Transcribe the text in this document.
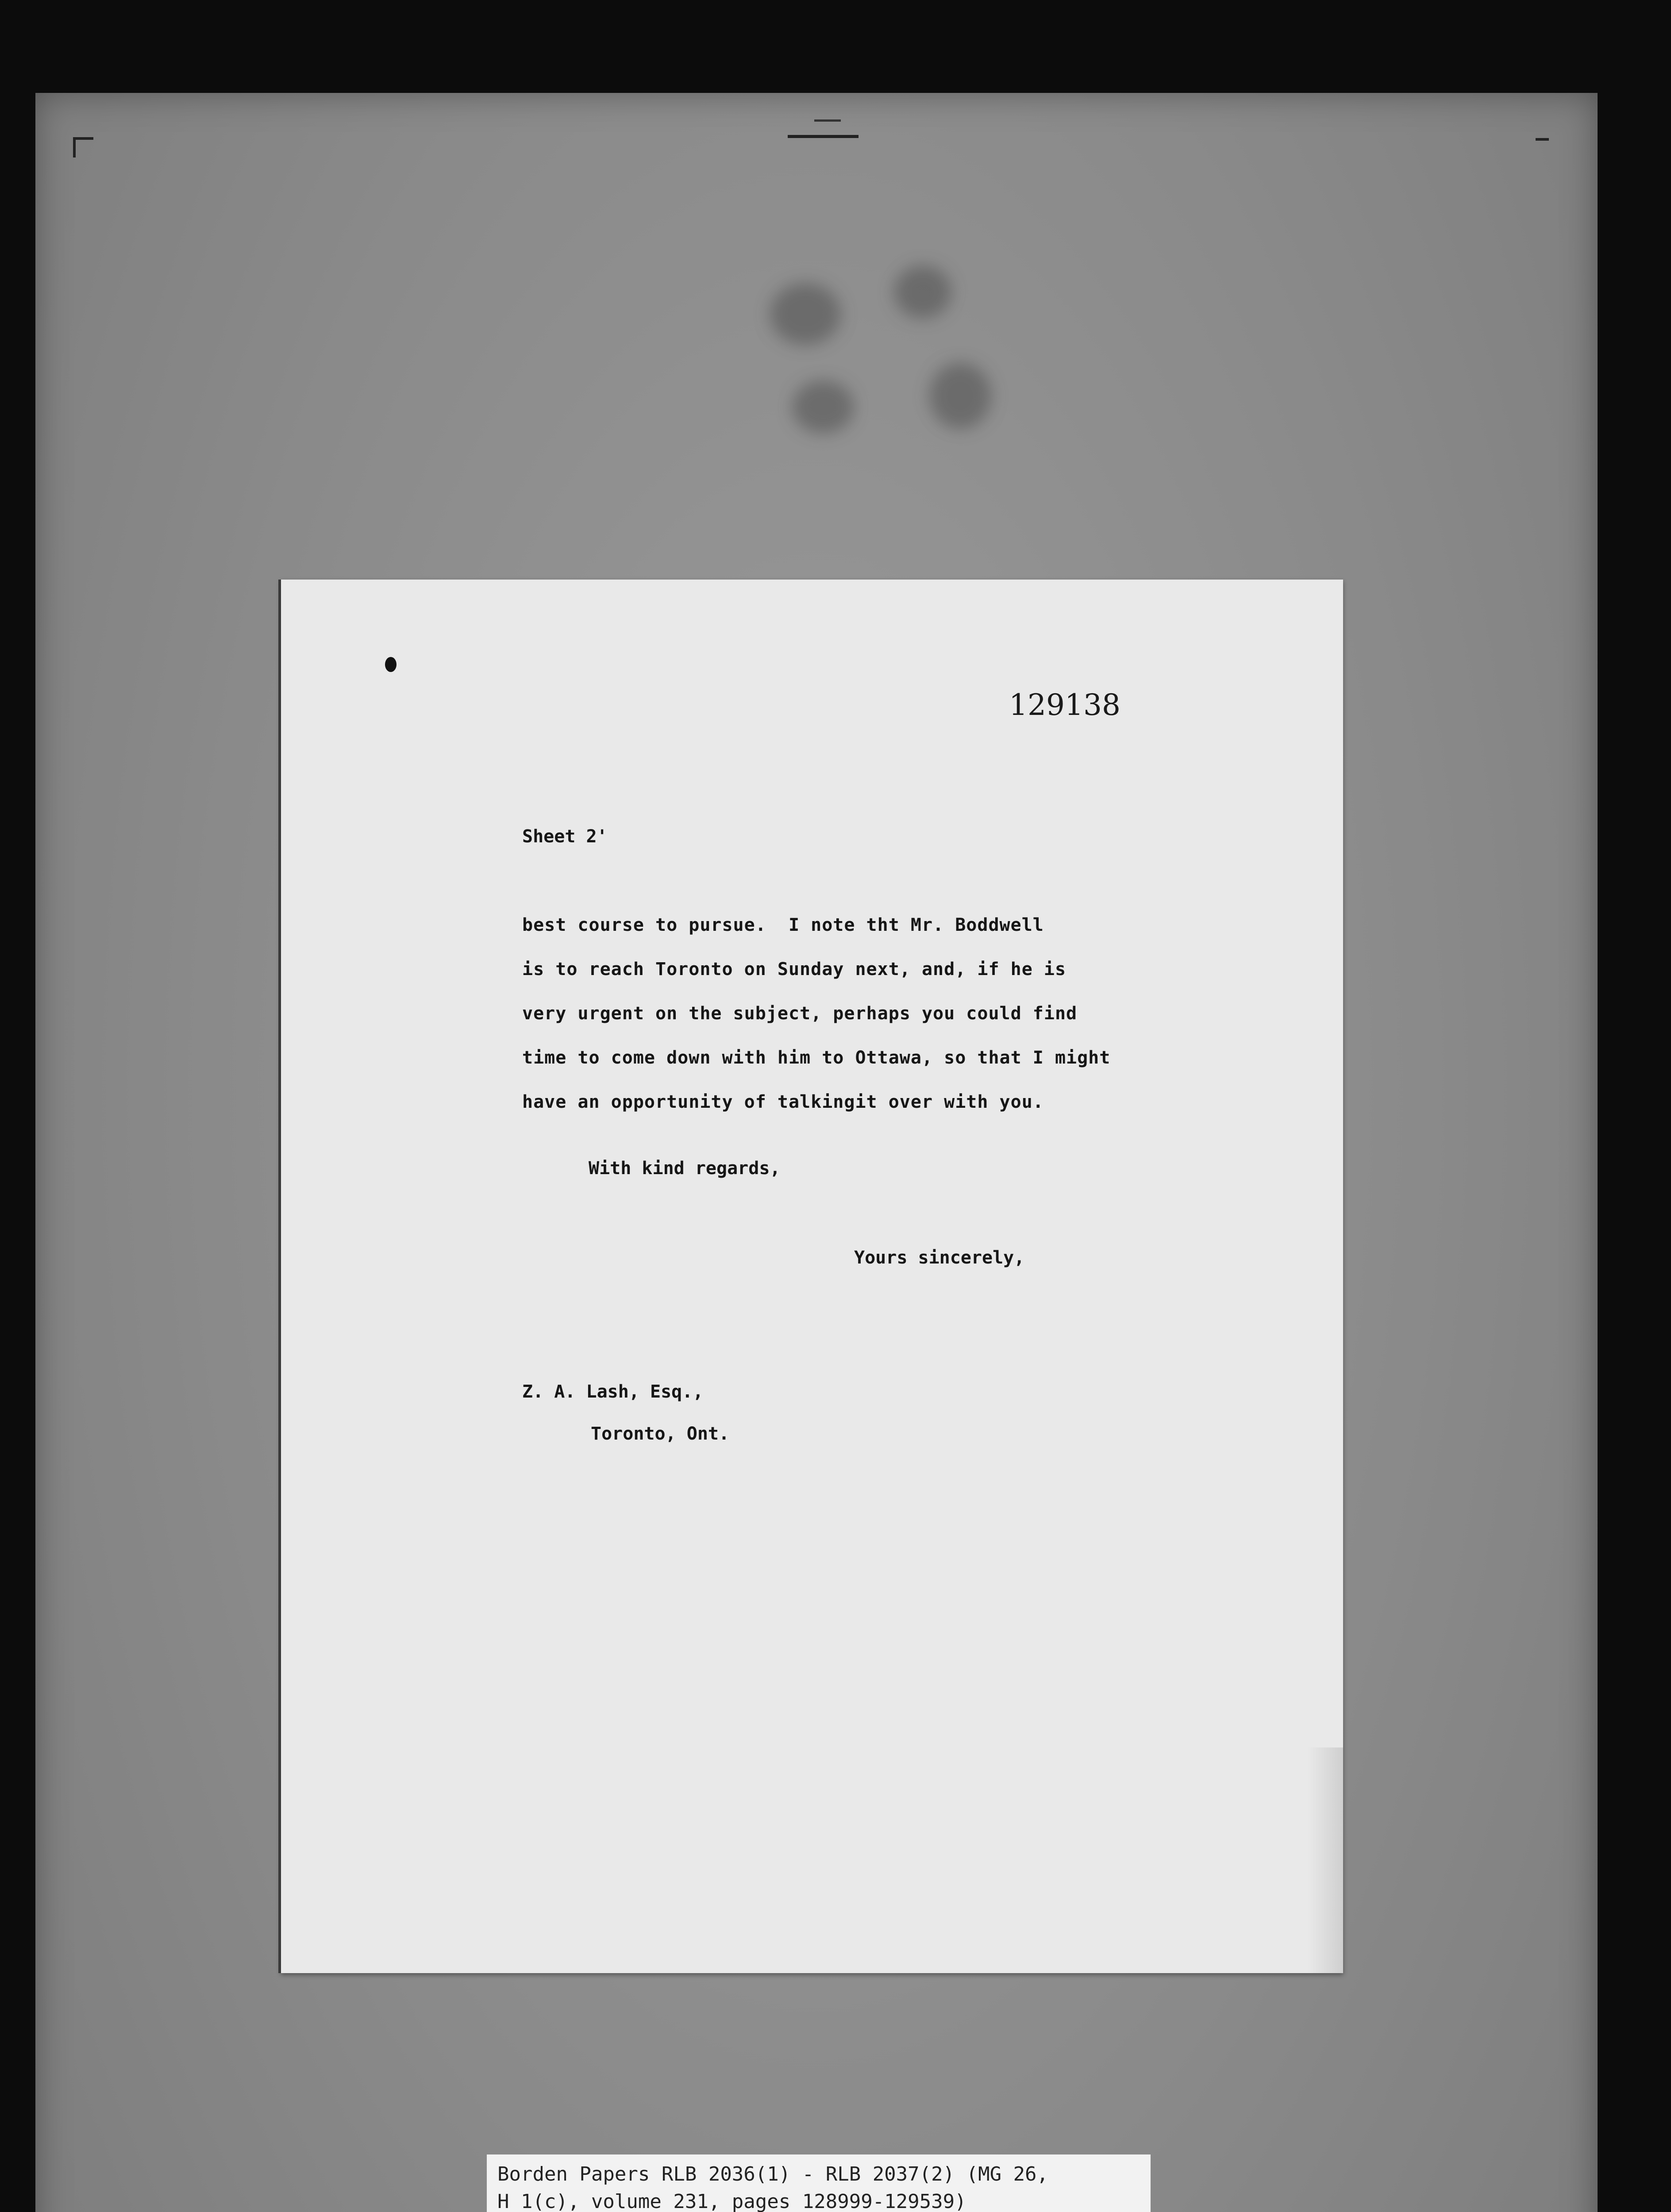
129138
Sheet 2'
best course to pursue.  I note tht Mr. Boddwell
is to reach Toronto on Sunday next, and, if he is
very urgent on the subject, perhaps you could find
time to come down with him to Ottawa, so that I might
have an opportunity of talkingit over with you.
With kind regards,
Yours sincerely,
Z. A. Lash, Esq.,
Toronto, Ont.
Borden Papers RLB 2036(1) - RLB 2037(2) (MG 26,
H 1(c), volume 231, pages 128999-129539)
